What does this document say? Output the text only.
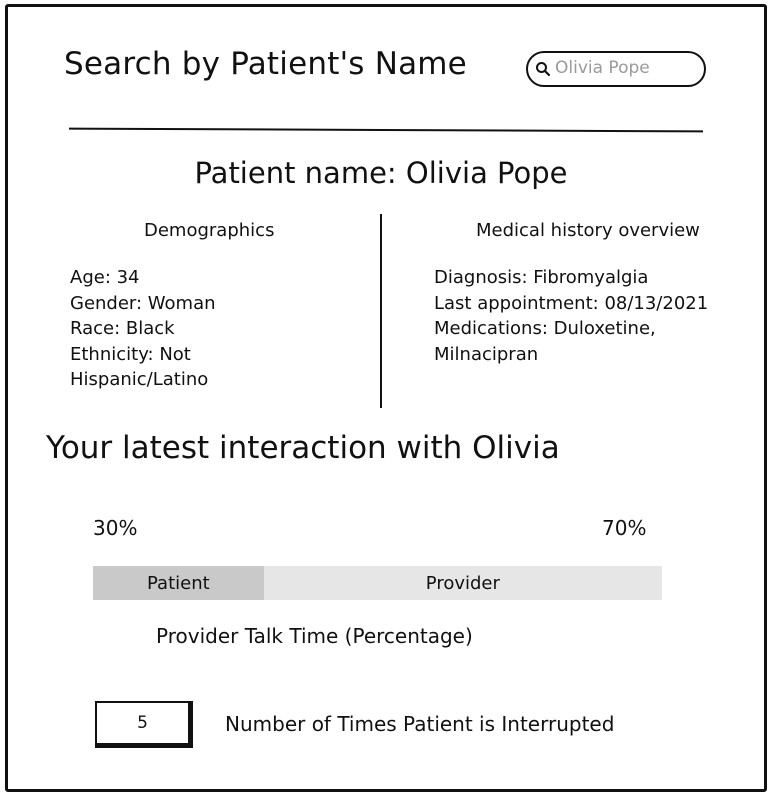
Search by Patient's Name
Olivia Pope
Patient name: Olivia Pope
Demographics
Age: 34
Gender: Woman
Race: Black
Ethnicity: Not
Hispanic/Latino
Medical history overview
Diagnosis: Fibromyalgia
Last appointment: 08/13/2021
Medications: Duloxetine,
Milnacipran
Your latest interaction with Olivia
30%	70%
Patient	Provider
Provider Talk Time (Percentage)
5	Number of Times Patient is Interrupted
